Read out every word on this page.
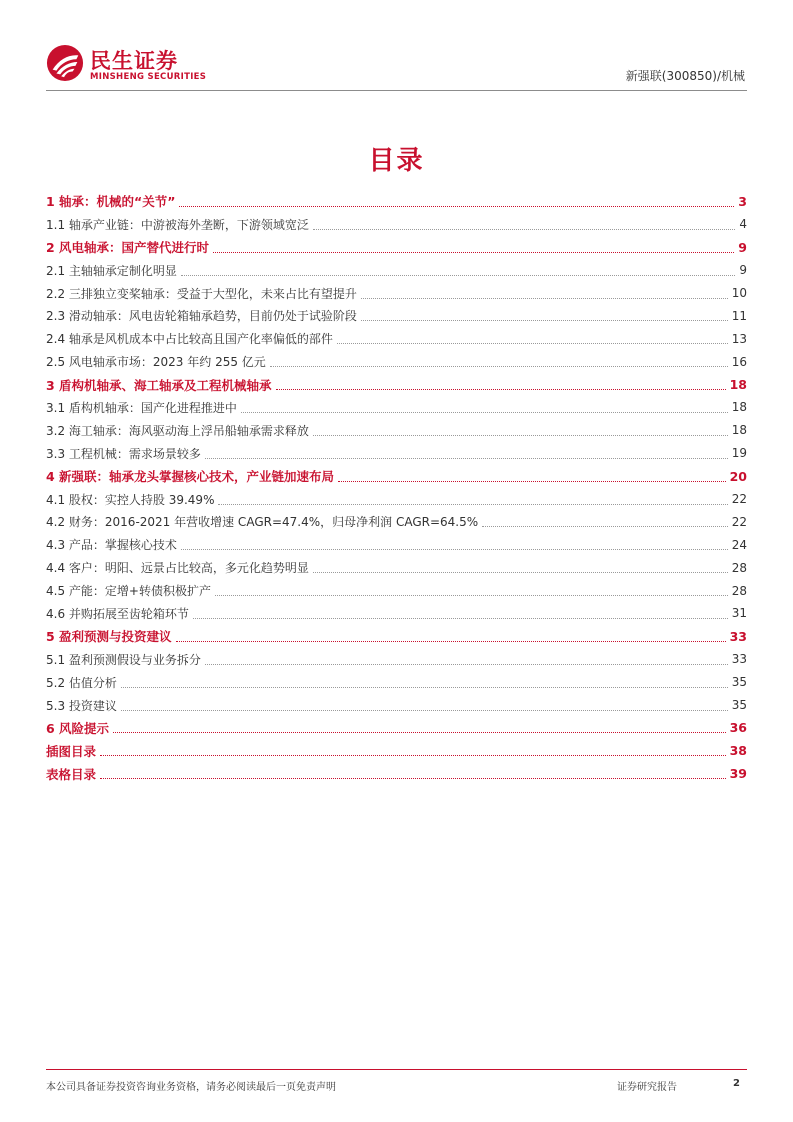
民生证券
MINSHENG SECURITIES	新强联(300850)/机械
目录
1 轴承：机械的“关节”	3
1.1 轴承产业链：中游被海外垄断，下游领域宽泛	4
2 风电轴承：国产替代进行时	9
2.1 主轴轴承定制化明显	9
2.2 三排独立变桨轴承：受益于大型化，未来占比有望提升	10
2.3 滑动轴承：风电齿轮箱轴承趋势，目前仍处于试验阶段	11
2.4 轴承是风机成本中占比较高且国产化率偏低的部件	13
2.5 风电轴承市场：2023 年约 255 亿元	16
3 盾构机轴承、海工轴承及工程机械轴承	18
3.1 盾构机轴承：国产化进程推进中	18
3.2 海工轴承：海风驱动海上浮吊船轴承需求释放	18
3.3 工程机械：需求场景较多	19
4 新强联：轴承龙头掌握核心技术，产业链加速布局	20
4.1 股权：实控人持股 39.49%	22
4.2 财务：2016-2021 年营收增速 CAGR=47.4%，归母净利润 CAGR=64.5%	22
4.3 产品：掌握核心技术	24
4.4 客户：明阳、远景占比较高，多元化趋势明显	28
4.5 产能：定增+转债积极扩产	28
4.6 并购拓展至齿轮箱环节	31
5 盈利预测与投资建议	33
5.1 盈利预测假设与业务拆分	33
5.2 估值分析	35
5.3 投资建议	35
6 风险提示	36
插图目录	38
表格目录	39
本公司具备证券投资咨询业务资格，请务必阅读最后一页免责声明	证券研究报告	2
